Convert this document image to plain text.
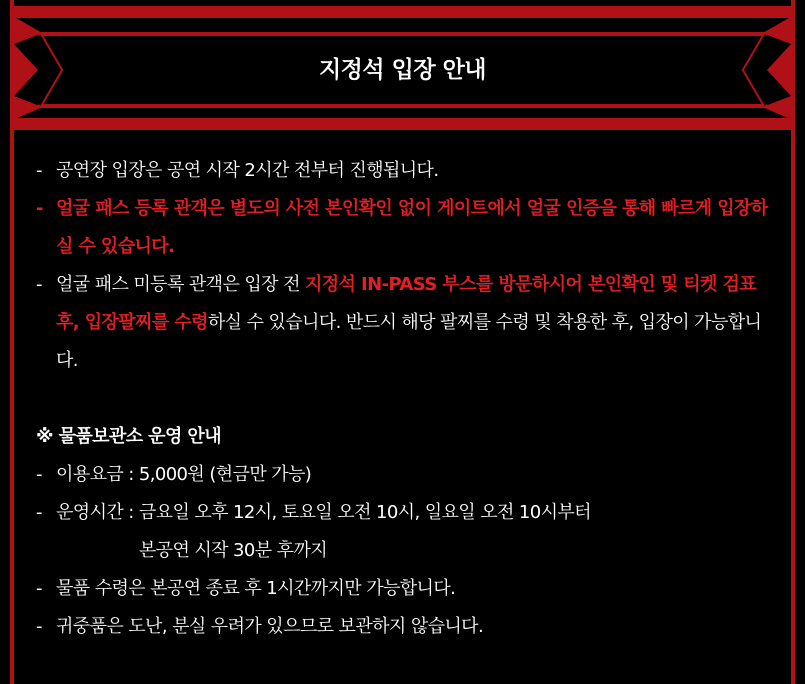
지정석 입장 안내
- 공연장 입장은 공연 시작 2시간 전부터 진행됩니다.
- 얼굴 패스 등록 관객은 별도의 사전 본인확인 없이 게이트에서 얼굴 인증을 통해 빠르게 입장하실 수 있습니다.
- 얼굴 패스 미등록 관객은 입장 전 지정석 IN-PASS 부스를 방문하시어 본인확인 및 티켓 검표 후, 입장팔찌를 수령하실 수 있습니다. 반드시 해당 팔찌를 수령 및 착용한 후, 입장이 가능합니다.
※ 물품보관소 운영 안내
- 이용요금 : 5,000원 (현금만 가능)
- 운영시간 : 금요일 오후 12시, 토요일 오전 10시, 일요일 오전 10시부터
본공연 시작 30분 후까지
- 물품 수령은 본공연 종료 후 1시간까지만 가능합니다.
- 귀중품은 도난, 분실 우려가 있으므로 보관하지 않습니다.
